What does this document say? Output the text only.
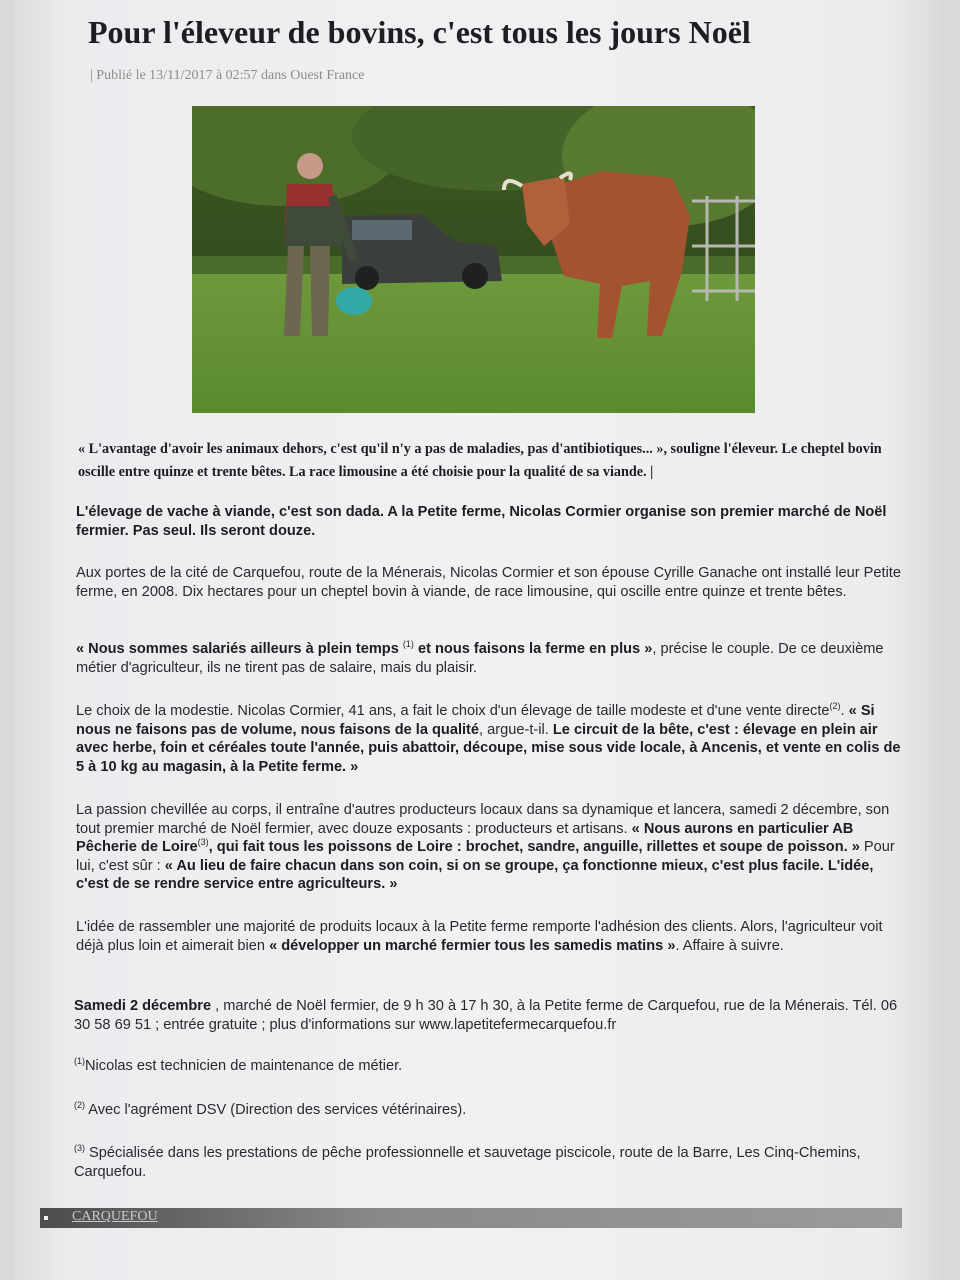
Pour l'éleveur de bovins, c'est tous les jours Noël
| Publié le 13/11/2017 à 02:57 dans Ouest France
« L'avantage d'avoir les animaux dehors, c'est qu'il n'y a pas de maladies, pas d'antibiotiques... », souligne l'éleveur. Le cheptel bovin oscille entre quinze et trente bêtes. La race limousine a été choisie pour la qualité de sa viande. |
L'élevage de vache à viande, c'est son dada. A la Petite ferme, Nicolas Cormier organise son premier marché de Noël fermier. Pas seul. Ils seront douze.
Aux portes de la cité de Carquefou, route de la Ménerais, Nicolas Cormier et son épouse Cyrille Ganache ont installé leur Petite ferme, en 2008. Dix hectares pour un cheptel bovin à viande, de race limousine, qui oscille entre quinze et trente bêtes.
« Nous sommes salariés ailleurs à plein temps $^{(1)}$ et nous faisons la ferme en plus », précise le couple. De ce deuxième métier d'agriculteur, ils ne tirent pas de salaire, mais du plaisir.
Le choix de la modestie. Nicolas Cormier, 41 ans, a fait le choix d'un élevage de taille modeste et d'une vente directe$^{(2)}$. « Si nous ne faisons pas de volume, nous faisons de la qualité, argue-t-il. Le circuit de la bête, c'est : élevage en plein air avec herbe, foin et céréales toute l'année, puis abattoir, découpe, mise sous vide locale, à Ancenis, et vente en colis de 5 à 10 kg au magasin, à la Petite ferme. »
La passion chevillée au corps, il entraîne d'autres producteurs locaux dans sa dynamique et lancera, samedi 2 décembre, son tout premier marché de Noël fermier, avec douze exposants : producteurs et artisans. « Nous aurons en particulier AB Pêcherie de Loire$^{(3)}$, qui fait tous les poissons de Loire : brochet, sandre, anguille, rillettes et soupe de poisson. » Pour lui, c'est sûr : « Au lieu de faire chacun dans son coin, si on se groupe, ça fonctionne mieux, c'est plus facile. L'idée, c'est de se rendre service entre agriculteurs. »
L'idée de rassembler une majorité de produits locaux à la Petite ferme remporte l'adhésion des clients. Alors, l'agriculteur voit déjà plus loin et aimerait bien « développer un marché fermier tous les samedis matins ». Affaire à suivre.
Samedi 2 décembre , marché de Noël fermier, de 9 h 30 à 17 h 30, à la Petite ferme de Carquefou, rue de la Ménerais. Tél. 06 30 58 69 51 ; entrée gratuite ; plus d'informations sur www.lapetitefermecarquefou.fr
$^{(1)}$Nicolas est technicien de maintenance de métier.
$^{(2)}$ Avec l'agrément DSV (Direction des services vétérinaires).
$^{(3)}$ Spécialisée dans les prestations de pêche professionnelle et sauvetage piscicole, route de la Barre, Les Cinq-Chemins, Carquefou.
CARQUEFOU
